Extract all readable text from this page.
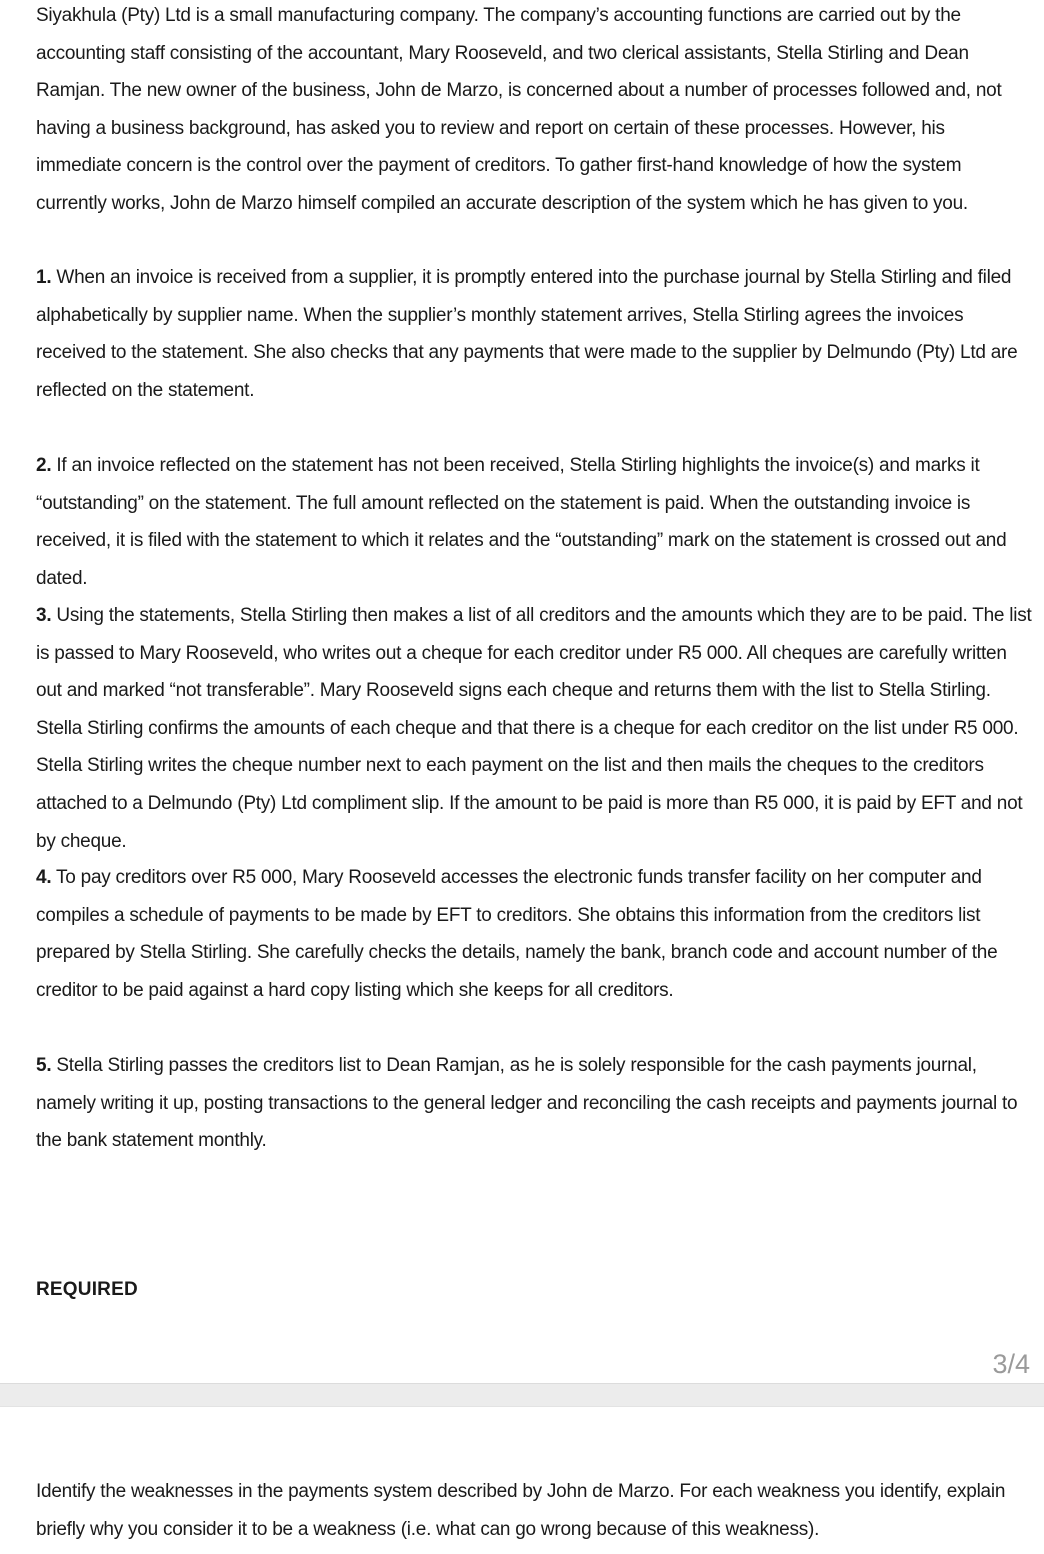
Siyakhula (Pty) Ltd is a small manufacturing company. The company’s accounting functions are carried out by the accounting staff consisting of the accountant, Mary Rooseveld, and two clerical assistants, Stella Stirling and Dean Ramjan. The new owner of the business, John de Marzo, is concerned about a number of processes followed and, not having a business background, has asked you to review and report on certain of these processes. However, his immediate concern is the control over the payment of creditors. To gather first-hand knowledge of how the system currently works, John de Marzo himself compiled an accurate description of the system which he has given to you.

1. When an invoice is received from a supplier, it is promptly entered into the purchase journal by Stella Stirling and filed alphabetically by supplier name. When the supplier’s monthly statement arrives, Stella Stirling agrees the invoices received to the statement. She also checks that any payments that were made to the supplier by Delmundo (Pty) Ltd are reflected on the statement.

2. If an invoice reflected on the statement has not been received, Stella Stirling highlights the invoice(s) and marks it “outstanding” on the statement. The full amount reflected on the statement is paid. When the outstanding invoice is received, it is filed with the statement to which it relates and the “outstanding” mark on the statement is crossed out and dated.

3. Using the statements, Stella Stirling then makes a list of all creditors and the amounts which they are to be paid. The list is passed to Mary Rooseveld, who writes out a cheque for each creditor under R5 000. All cheques are carefully written out and marked “not transferable”. Mary Rooseveld signs each cheque and returns them with the list to Stella Stirling. Stella Stirling confirms the amounts of each cheque and that there is a cheque for each creditor on the list under R5 000. Stella Stirling writes the cheque number next to each payment on the list and then mails the cheques to the creditors attached to a Delmundo (Pty) Ltd compliment slip. If the amount to be paid is more than R5 000, it is paid by EFT and not by cheque.

4. To pay creditors over R5 000, Mary Rooseveld accesses the electronic funds transfer facility on her computer and compiles a schedule of payments to be made by EFT to creditors. She obtains this information from the creditors list prepared by Stella Stirling. She carefully checks the details, namely the bank, branch code and account number of the creditor to be paid against a hard copy listing which she keeps for all creditors.

5. Stella Stirling passes the creditors list to Dean Ramjan, as he is solely responsible for the cash payments journal, namely writing it up, posting transactions to the general ledger and reconciling the cash receipts and payments journal to the bank statement monthly.

REQUIRED
3/4

Identify the weaknesses in the payments system described by John de Marzo. For each weakness you identify, explain briefly why you consider it to be a weakness (i.e. what can go wrong because of this weakness).
